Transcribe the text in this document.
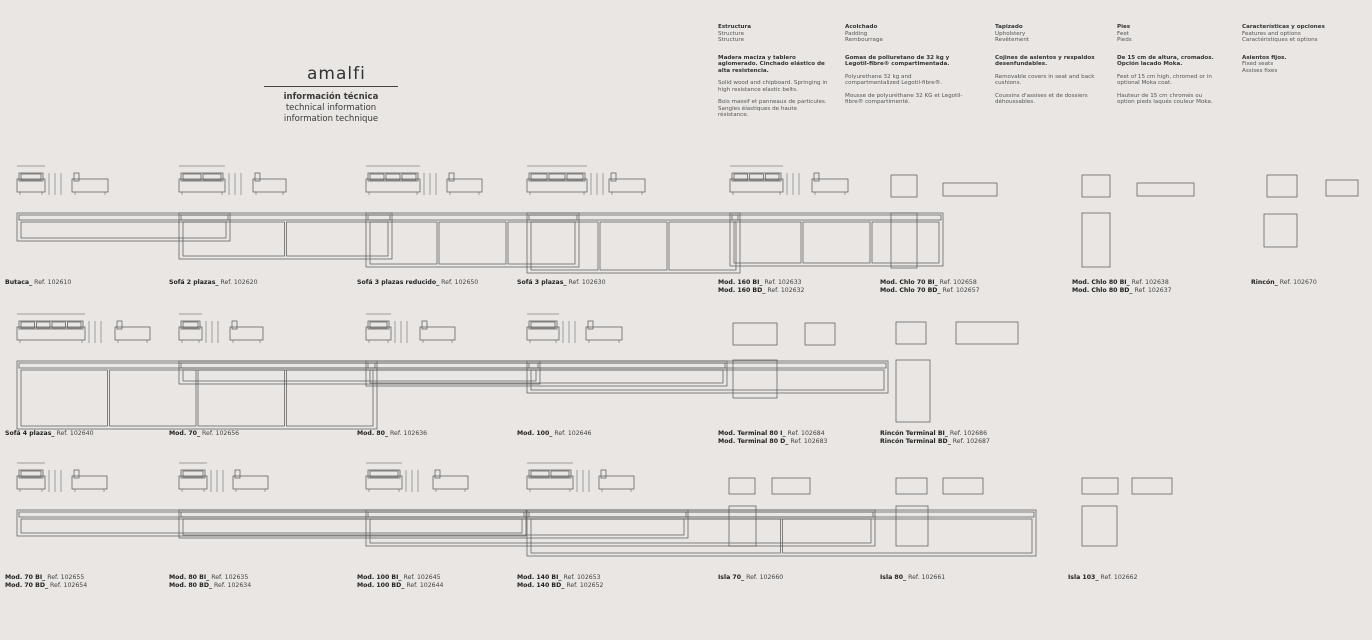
amalfi
información técnica
technical information
information technique
Estructura
Structure
Structure
Madera maciza y tablero aglomerado. Cinchado elástico de alta resistencia.
Solid wood and chipboard. Springing in high resistance elastic belts.
Bois massif et panneaux de particules. Sangles élastiques de haute résistance.
Acolchado
Padding
Rembourrage
Gomas de poliuretano de 32 kg y Legotil-fibre® compartimentada.
Polyurethane 32 kg and compartmentalized Legotil-fibre®.
Mousse de polyuréthane 32 KG et Legotil-fibre® compartimenté.
Tapizado
Upholstery
Revêtement
Cojines de asientos y respaldos desenfundables.
Removable covers in seat and back cushions.
Coussins d'assises et de dossiers déhoussables.
Pies
Feet
Pieds
De 15 cm de altura, cromados. Opción lacado Moka.
Feet of 15 cm high, chromed or in optional Moka coat.
Hauteur de 15 cm chromés ou option pieds laqués couleur Moka.
Características y opciones
Features and options
Caractéristiques et options
Asientos fijos.
Fixed seats
Assises fixes
Butaca_ Ref. 102610	Sofá 2 plazas_ Ref. 102620	Sofá 3 plazas reducido_ Ref. 102650	Sofá 3 plazas_ Ref. 102630	Mod. 160 BI_ Ref. 102633
Mod. 160 BD_ Ref. 102632
Mod. Chlo 70 BI_ Ref. 102658
Mod. Chlo 70 BD_ Ref. 102657
Mod. Chlo 80 BI_ Ref. 102638
Mod. Chlo 80 BD_ Ref. 102637
Rincón_ Ref. 102670
Sofá 4 plazas_ Ref. 102640	Mod. 70_ Ref. 102656	Mod. 80_ Ref. 102636	Mod. 100_ Ref. 102646	Mod. Terminal 80 I_ Ref. 102684
Mod. Terminal 80 D_ Ref. 102683
Rincón Terminal BI_ Ref. 102686
Rincón Terminal BD_ Ref. 102687
Mod. 70 BI_ Ref. 102655
Mod. 70 BD_ Ref. 102654
Mod. 80 BI_ Ref. 102635
Mod. 80 BD_ Ref. 102634
Mod. 100 BI_ Ref. 102645
Mod. 100 BD_ Ref. 102644
Mod. 140 BI_ Ref. 102653
Mod. 140 BD_ Ref. 102652
Isla 70_ Ref. 102660	Isla 80_ Ref. 102661	Isla 103_ Ref. 102662
